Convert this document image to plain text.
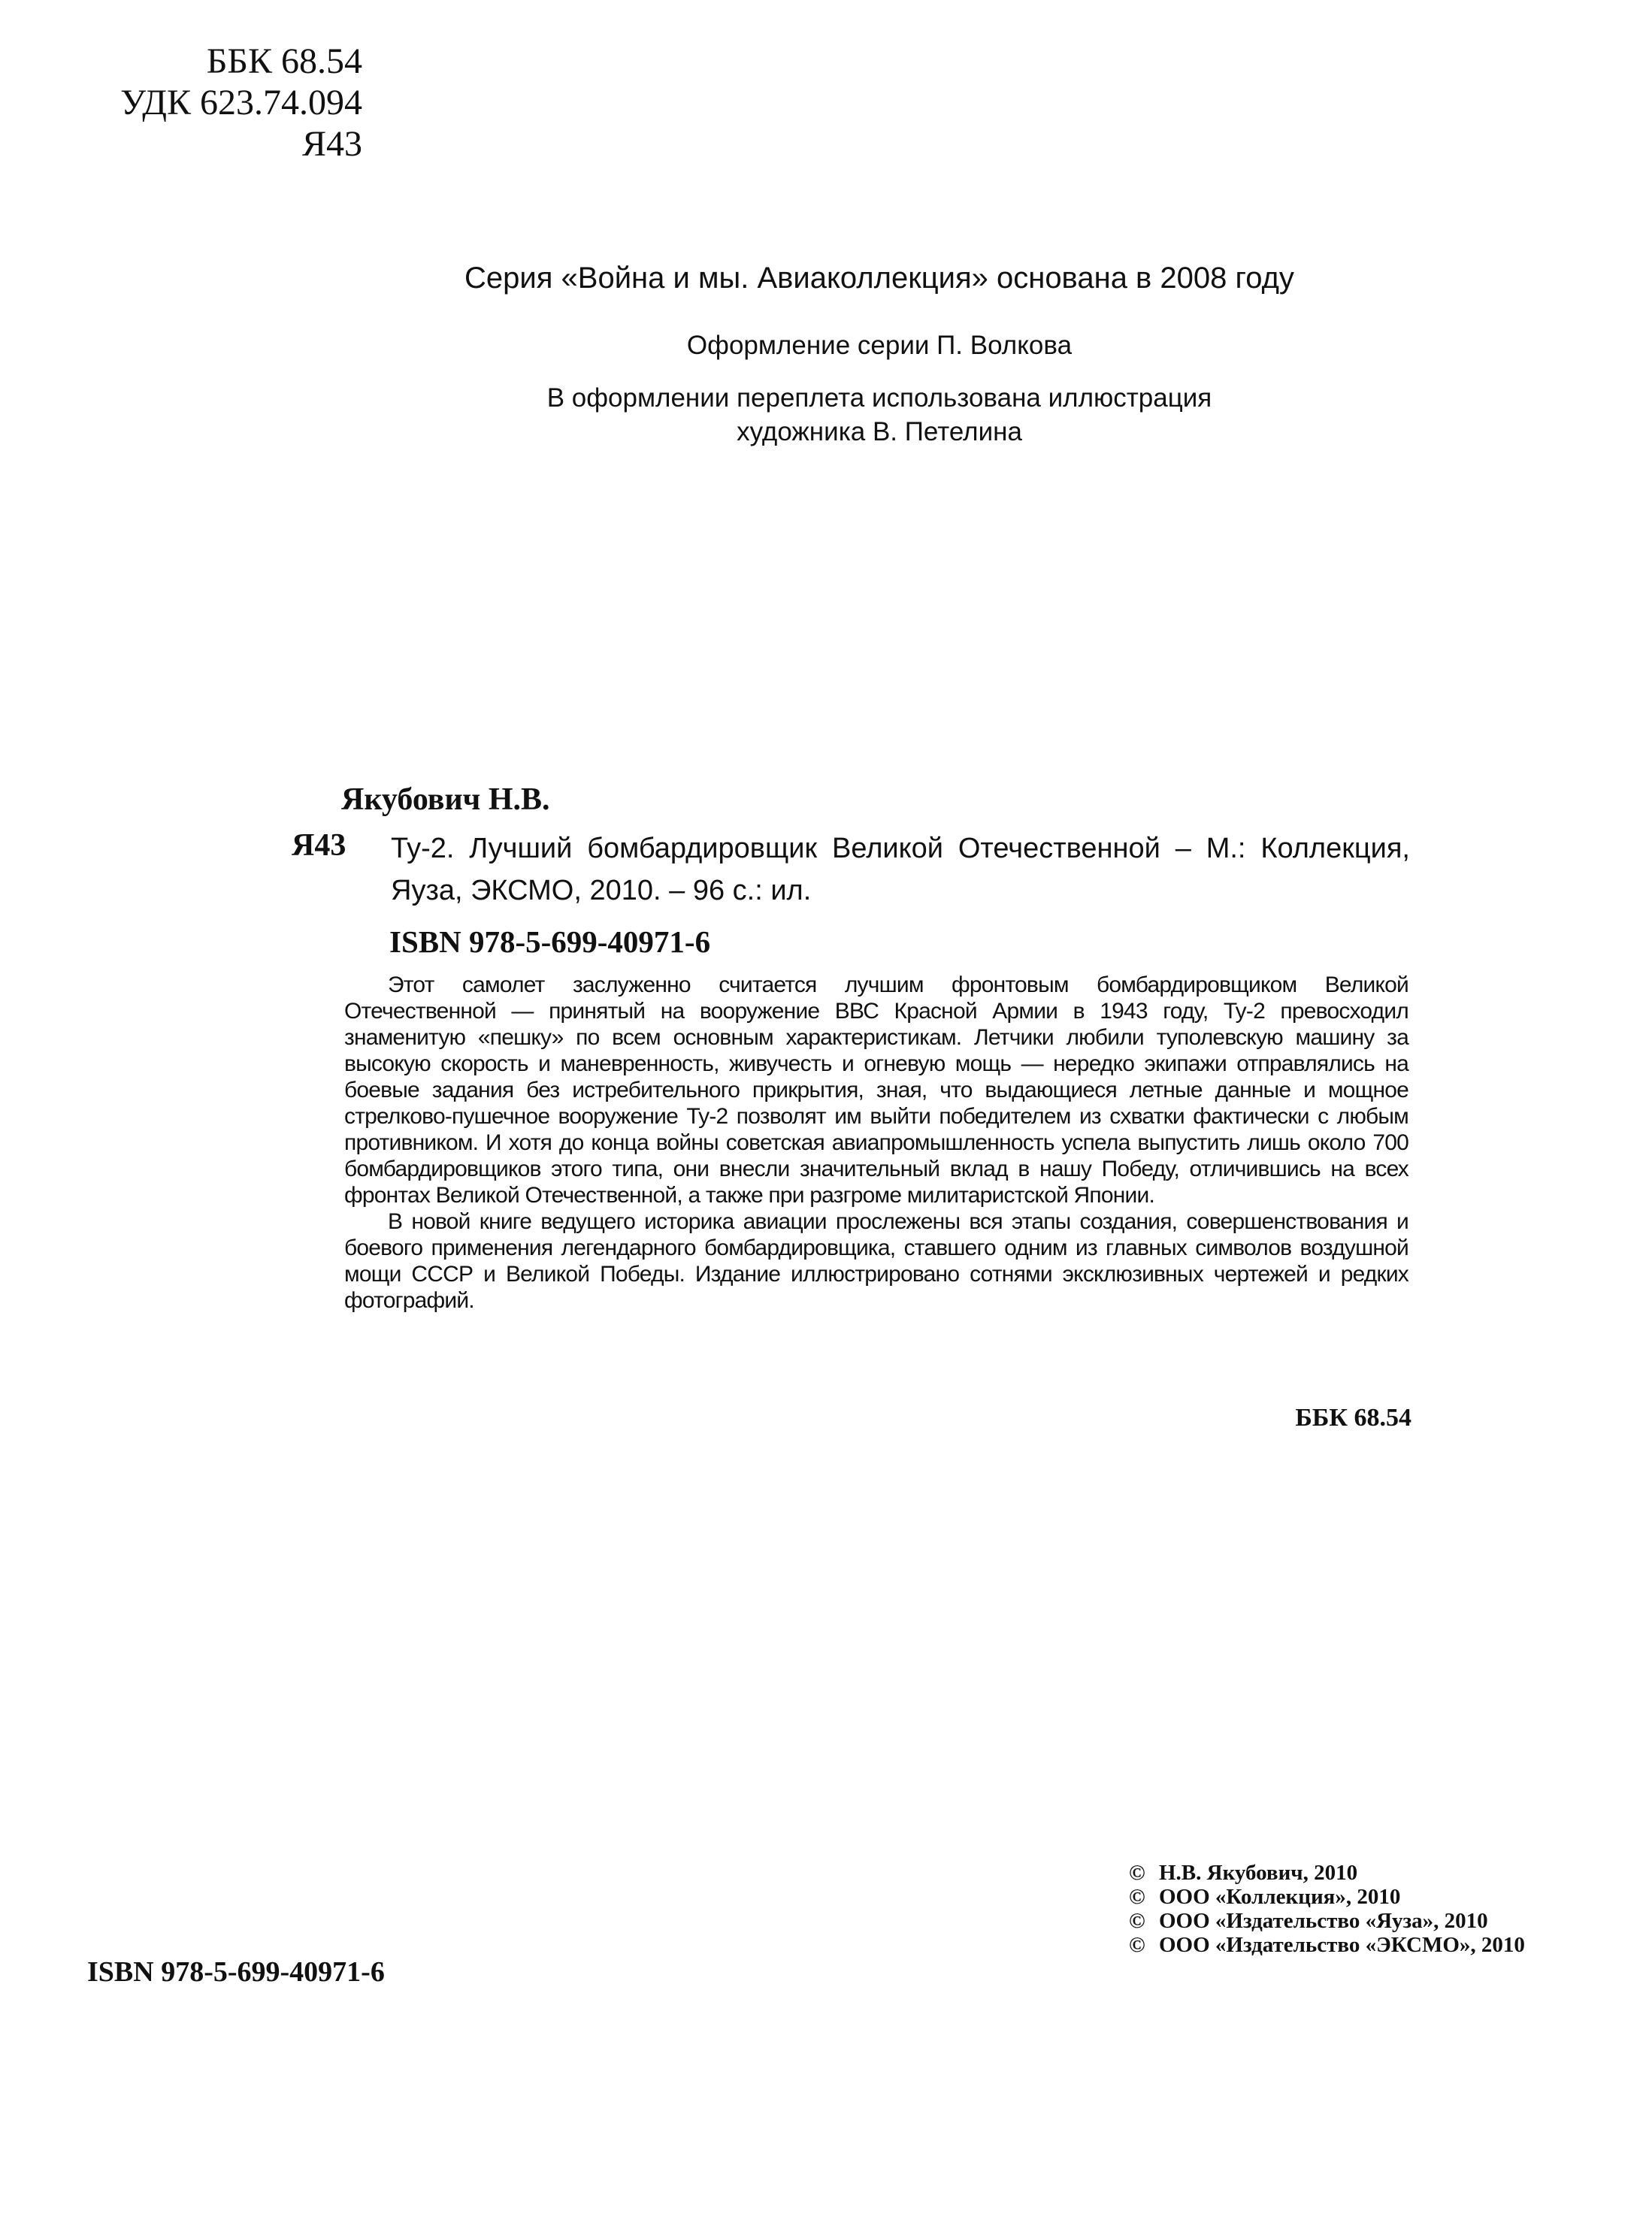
ББК 68.54
УДК 623.74.094
Я43
Серия «Война и мы. Авиаколлекция» основана в 2008 году
Оформление серии П. Волкова
В оформлении переплета использована иллюстрация
художника В. Петелина
Якубович Н.В.
Я43 Ту-2. Лучший бомбардировщик Великой Отечественной – М.: Коллекция, Яуза, ЭКСМО, 2010. – 96 с.: ил.
ISBN 978-5-699-40971-6

Этот самолет заслуженно считается лучшим фронтовым бомбардировщиком Великой Отечественной — принятый на вооружение ВВС Красной Армии в 1943 году, Ту-2 превосходил знаменитую «пешку» по всем основным характеристикам. Летчики любили туполевскую машину за высокую скорость и маневренность, живучесть и огневую мощь — нередко экипажи отправлялись на боевые задания без истребительного прикрытия, зная, что выдающиеся летные данные и мощное стрелково-пушечное вооружение Ту-2 позволят им выйти победителем из схватки фактически с любым противником. И хотя до конца войны советская авиапромышленность успела выпустить лишь около 700 бомбардировщиков этого типа, они внесли значительный вклад в нашу Победу, отличившись на всех фронтах Великой Отечественной, а также при разгроме милитаристской Японии.

В новой книге ведущего историка авиации прослежены вся этапы создания, совершенствования и боевого применения легендарного бомбардировщика, ставшего одним из главных символов воздушной мощи СССР и Великой Победы. Издание иллюстрировано сотнями эксклюзивных чертежей и редких фотографий.

ББК 68.54
© Н.В. Якубович, 2010
© ООО «Коллекция», 2010
© ООО «Издательство «Яуза», 2010
© ООО «Издательство «ЭКСМО», 2010
ISBN 978-5-699-40971-6
